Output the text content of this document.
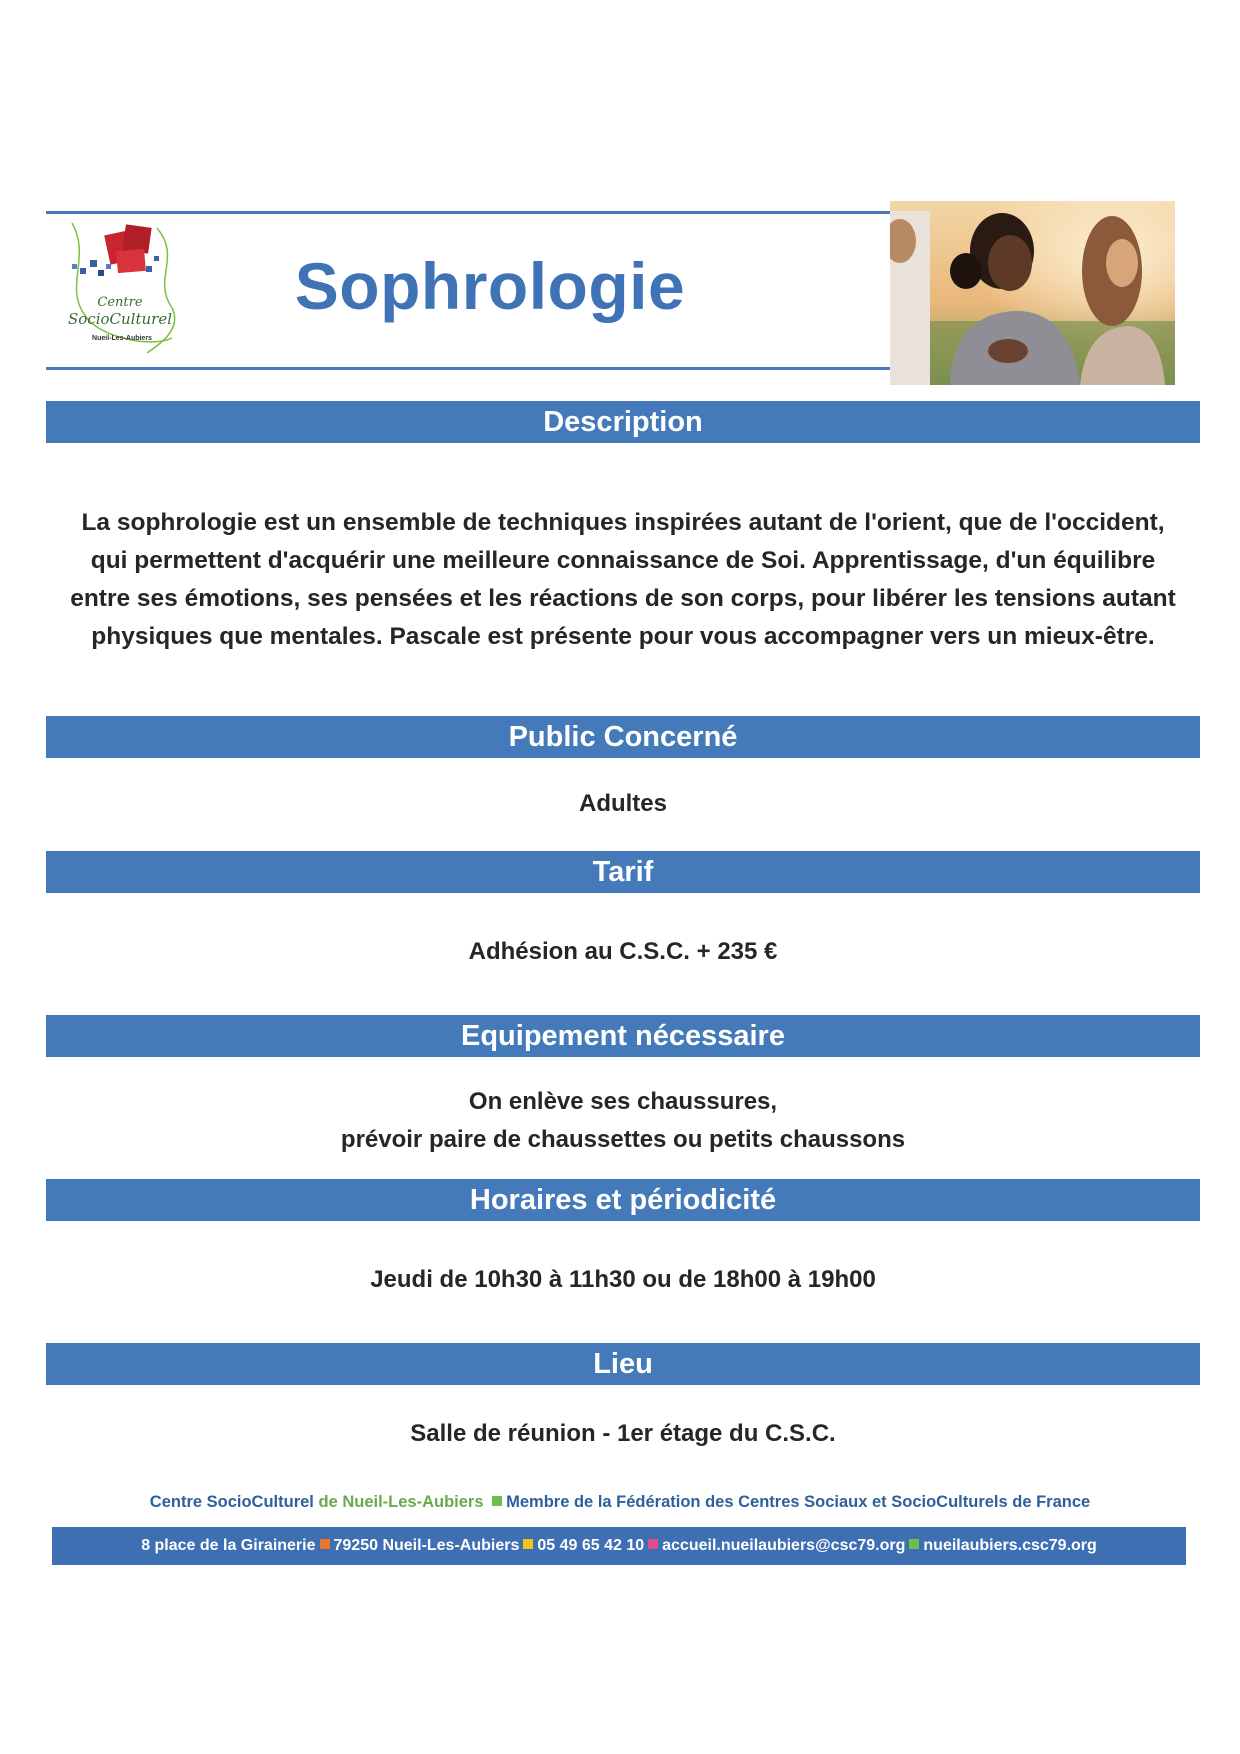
Centre
SocioCulturel
Nueil-Les-Aubiers
Sophrologie
Description
La sophrologie est un ensemble de techniques inspirées autant de l'orient, que de l'occident,
qui permettent d'acquérir une meilleure connaissance de Soi. Apprentissage, d'un équilibre
entre ses émotions, ses pensées et les réactions de son corps, pour libérer les tensions autant
physiques que mentales. Pascale est présente pour vous accompagner vers un mieux-être.
Public Concerné
Adultes
Tarif
Adhésion au C.S.C. + 235 €
Equipement nécessaire
On enlève ses chaussures,
prévoir paire de chaussettes ou petits chaussons
Horaires et périodicité
Jeudi de 10h30 à 11h30 ou de 18h00 à 19h00
Lieu
Salle de réunion - 1er étage du C.S.C.
Centre SocioCulturel de Nueil-Les-Aubiers Membre de la Fédération des Centres Sociaux et SocioCulturels de France
8 place de la Girainerie 79250 Nueil-Les-Aubiers 05 49 65 42 10 accueil.nueilaubiers@csc79.org nueilaubiers.csc79.org
